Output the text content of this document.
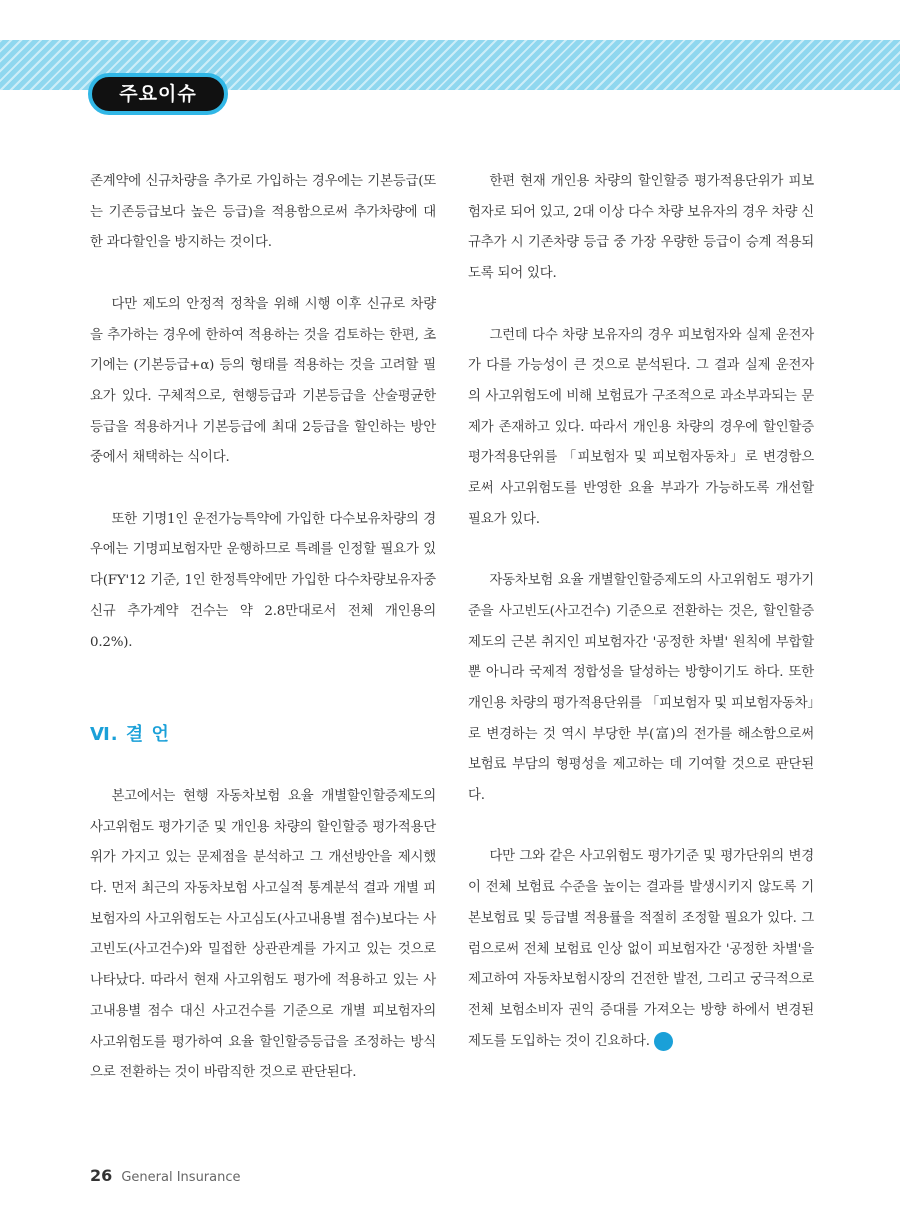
주요이슈

존계약에 신규차량을 추가로 가입하는 경우에는 기본등급(또는 기존등급보다 높은 등급)을 적용함으로써 추가차량에 대한 과다할인을 방지하는 것이다.

다만 제도의 안정적 정착을 위해 시행 이후 신규로 차량을 추가하는 경우에 한하여 적용하는 것을 검토하는 한편, 초기에는 (기본등급+α) 등의 형태를 적용하는 것을 고려할 필요가 있다. 구체적으로, 현행등급과 기본등급을 산술평균한 등급을 적용하거나 기본등급에 최대 2등급을 할인하는 방안 중에서 채택하는 식이다.

또한 기명1인 운전가능특약에 가입한 다수보유차량의 경우에는 기명피보험자만 운행하므로 특례를 인정할 필요가 있다(FY'12 기준, 1인 한정특약에만 가입한 다수차량보유자중 신규 추가계약 건수는 약 2.8만대로서 전체 개인용의 0.2%).

Ⅵ. 결 언

본고에서는 현행 자동차보험 요율 개별할인할증제도의 사고위험도 평가기준 및 개인용 차량의 할인할증 평가적용단위가 가지고 있는 문제점을 분석하고 그 개선방안을 제시했다. 먼저 최근의 자동차보험 사고실적 통계분석 결과 개별 피보험자의 사고위험도는 사고심도(사고내용별 점수)보다는 사고빈도(사고건수)와 밀접한 상관관계를 가지고 있는 것으로 나타났다. 따라서 현재 사고위험도 평가에 적용하고 있는 사고내용별 점수 대신 사고건수를 기준으로 개별 피보험자의 사고위험도를 평가하여 요율 할인할증등급을 조정하는 방식으로 전환하는 것이 바람직한 것으로 판단된다.

한편 현재 개인용 차량의 할인할증 평가적용단위가 피보험자로 되어 있고, 2대 이상 다수 차량 보유자의 경우 차량 신규추가 시 기존차량 등급 중 가장 우량한 등급이 승계 적용되도록 되어 있다.

그런데 다수 차량 보유자의 경우 피보험자와 실제 운전자가 다를 가능성이 큰 것으로 분석된다. 그 결과 실제 운전자의 사고위험도에 비해 보험료가 구조적으로 과소부과되는 문제가 존재하고 있다. 따라서 개인용 차량의 경우에 할인할증 평가적용단위를 「피보험자 및 피보험자동차」로 변경함으로써 사고위험도를 반영한 요율 부과가 가능하도록 개선할 필요가 있다.

자동차보험 요율 개별할인할증제도의 사고위험도 평가기준을 사고빈도(사고건수) 기준으로 전환하는 것은, 할인할증제도의 근본 취지인 피보험자간 '공정한 차별' 원칙에 부합할 뿐 아니라 국제적 정합성을 달성하는 방향이기도 하다. 또한 개인용 차량의 평가적용단위를 「피보험자 및 피보험자동차」로 변경하는 것 역시 부당한 부(富)의 전가를 해소함으로써 보험료 부담의 형평성을 제고하는 데 기여할 것으로 판단된다.

다만 그와 같은 사고위험도 평가기준 및 평가단위의 변경이 전체 보험료 수준을 높이는 결과를 발생시키지 않도록 기본보험료 및 등급별 적용률을 적절히 조정할 필요가 있다. 그럼으로써 전체 보험료 인상 없이 피보험자간 '공정한 차별'을 제고하여 자동차보험시장의 건전한 발전, 그리고 궁극적으로 전체 보험소비자 권익 증대를 가져오는 방향 하에서 변경된 제도를 도입하는 것이 긴요하다.	손보

26 General Insurance
